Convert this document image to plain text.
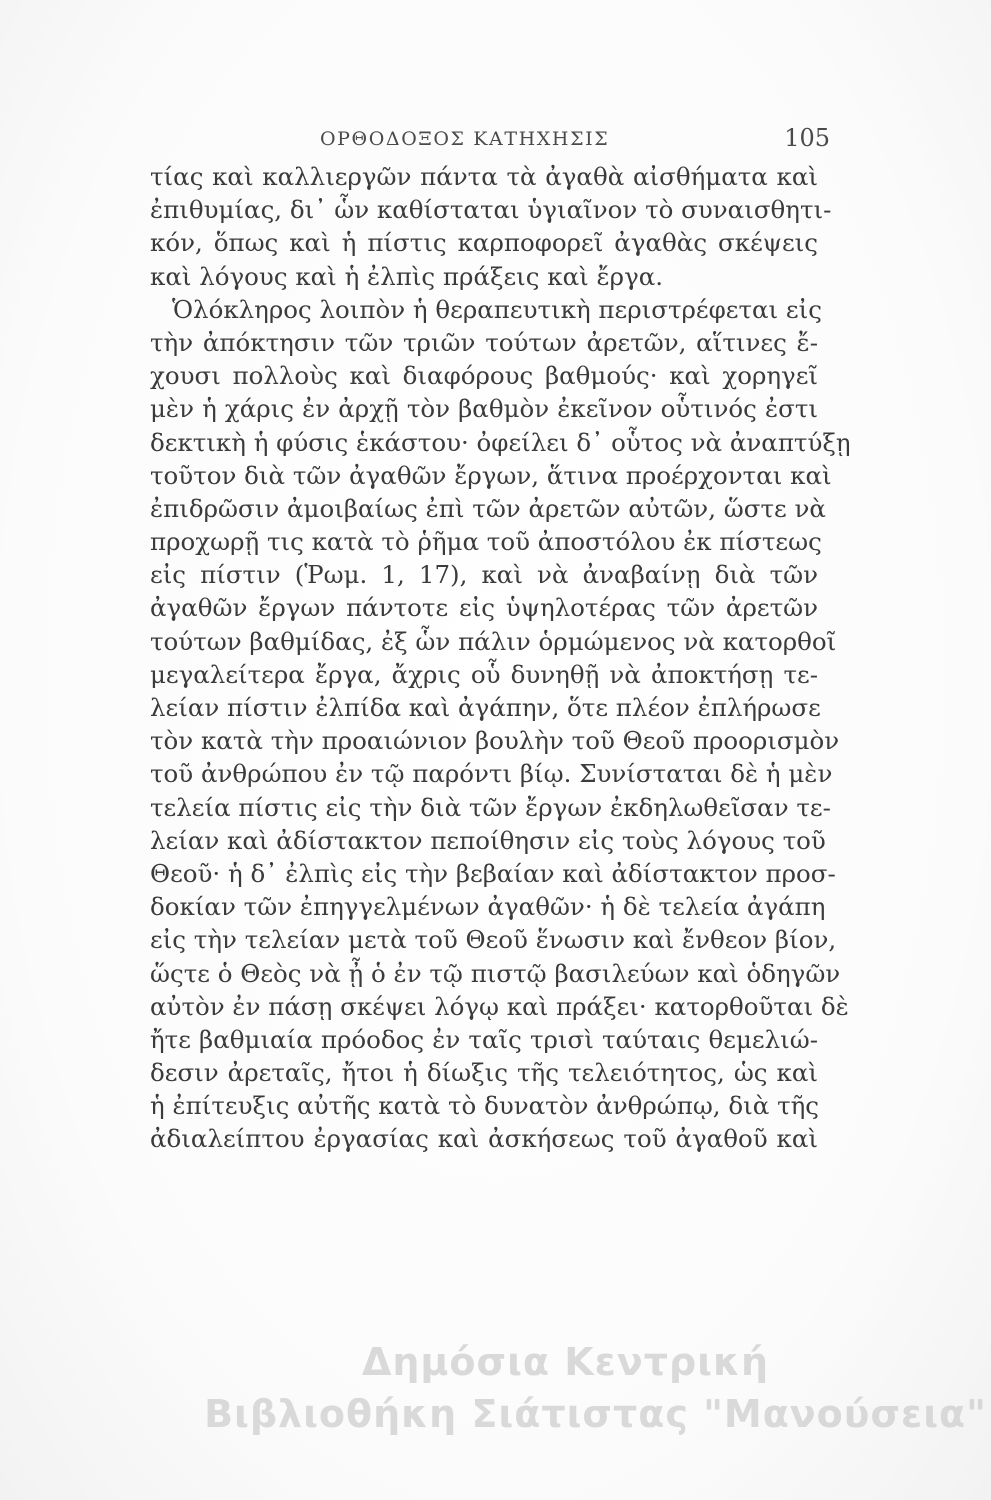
ΟΡΘΟΔΟΞΟΣ ΚΑΤΗΧΗΣΙΣ	105
τίας καὶ καλλιεργῶν πάντα τὰ ἀγαθὰ αἰσθήματα καὶ
ἐπιθυμίας, δι᾽ ὧν καθίσταται ὑγιαῖνον τὸ συναισθητι-
κόν, ὅπως καὶ ἡ πίστις καρποφορεῖ ἀγαθὰς σκέψεις
καὶ λόγους καὶ ἡ ἐλπὶς πράξεις καὶ ἔργα.
Ὁλόκληρος λοιπὸν ἡ θεραπευτικὴ περιστρέφεται εἰς
τὴν ἀπόκτησιν τῶν τριῶν τούτων ἀρετῶν, αἵτινες ἔ-
χουσι πολλοὺς καὶ διαφόρους βαθμούς· καὶ χορηγεῖ
μὲν ἡ χάρις ἐν ἀρχῇ τὸν βαθμὸν ἐκεῖνον οὗτινός ἐστι
δεκτικὴ ἡ φύσις ἑκάστου· ὀφείλει δ᾽ οὗτος νὰ ἀναπτύξῃ
τοῦτον διὰ τῶν ἀγαθῶν ἔργων, ἅτινα προέρχονται καὶ
ἐπιδρῶσιν ἀμοιβαίως ἐπὶ τῶν ἀρετῶν αὐτῶν, ὥστε νὰ
προχωρῇ τις κατὰ τὸ ῥῆμα τοῦ ἀποστόλου ἐκ πίστεως
εἰς πίστιν (Ῥωμ. 1, 17), καὶ νὰ ἀναβαίνῃ διὰ τῶν
ἀγαθῶν ἔργων πάντοτε εἰς ὑψηλοτέρας τῶν ἀρετῶν
τούτων βαθμίδας, ἐξ ὧν πάλιν ὁρμώμενος νὰ κατορθοῖ
μεγαλείτερα ἔργα, ἄχρις οὗ δυνηθῇ νὰ ἀποκτήσῃ τε-
λείαν πίστιν ἐλπίδα καὶ ἀγάπην, ὅτε πλέον ἐπλήρωσε
τὸν κατὰ τὴν προαιώνιον βουλὴν τοῦ Θεοῦ προορισμὸν
τοῦ ἀνθρώπου ἐν τῷ παρόντι βίῳ. Συνίσταται δὲ ἡ μὲν
τελεία πίστις εἰς τὴν διὰ τῶν ἔργων ἐκδηλωθεῖσαν τε-
λείαν καὶ ἀδίστακτον πεποίθησιν εἰς τοὺς λόγους τοῦ
Θεοῦ· ἡ δ᾽ ἐλπὶς εἰς τὴν βεβαίαν καὶ ἀδίστακτον προσ-
δοκίαν τῶν ἐπηγγελμένων ἀγαθῶν· ἡ δὲ τελεία ἀγάπη
εἰς τὴν τελείαν μετὰ τοῦ Θεοῦ ἕνωσιν καὶ ἔνθεον βίον,
ὥςτε ὁ Θεὸς νὰ ᾖ ὁ ἐν τῷ πιστῷ βασιλεύων καὶ ὁδηγῶν
αὐτὸν ἐν πάσῃ σκέψει λόγῳ καὶ πράξει· κατορθοῦται δὲ
ἤτε βαθμιαία πρόοδος ἐν ταῖς τρισὶ ταύταις θεμελιώ-
δεσιν ἀρεταῖς, ἤτοι ἡ δίωξις τῆς τελειότητος, ὡς καὶ
ἡ ἐπίτευξις αὐτῆς κατὰ τὸ δυνατὸν ἀνθρώπῳ, διὰ τῆς
ἀδιαλείπτου ἐργασίας καὶ ἀσκήσεως τοῦ ἀγαθοῦ καὶ
Δημόσια Κεντρική
Βιβλιοθήκη Σιάτιστας "Μανούσεια"
